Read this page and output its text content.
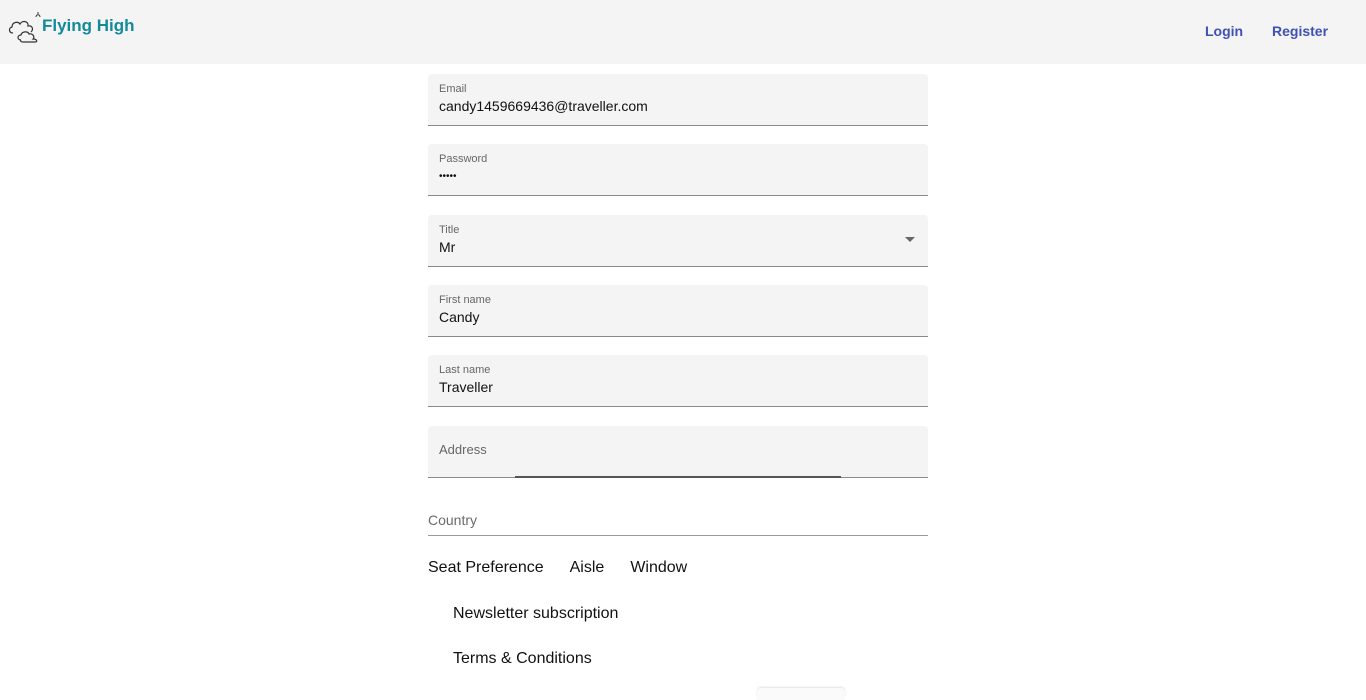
Flying High	Login Register
Email
candy1459669436@traveller.com
Password
•••••
Title
Mr
First name
Candy
Last name
Traveller
Address
Country
Seat Preference Aisle Window
Newsletter subscription
Terms & Conditions
